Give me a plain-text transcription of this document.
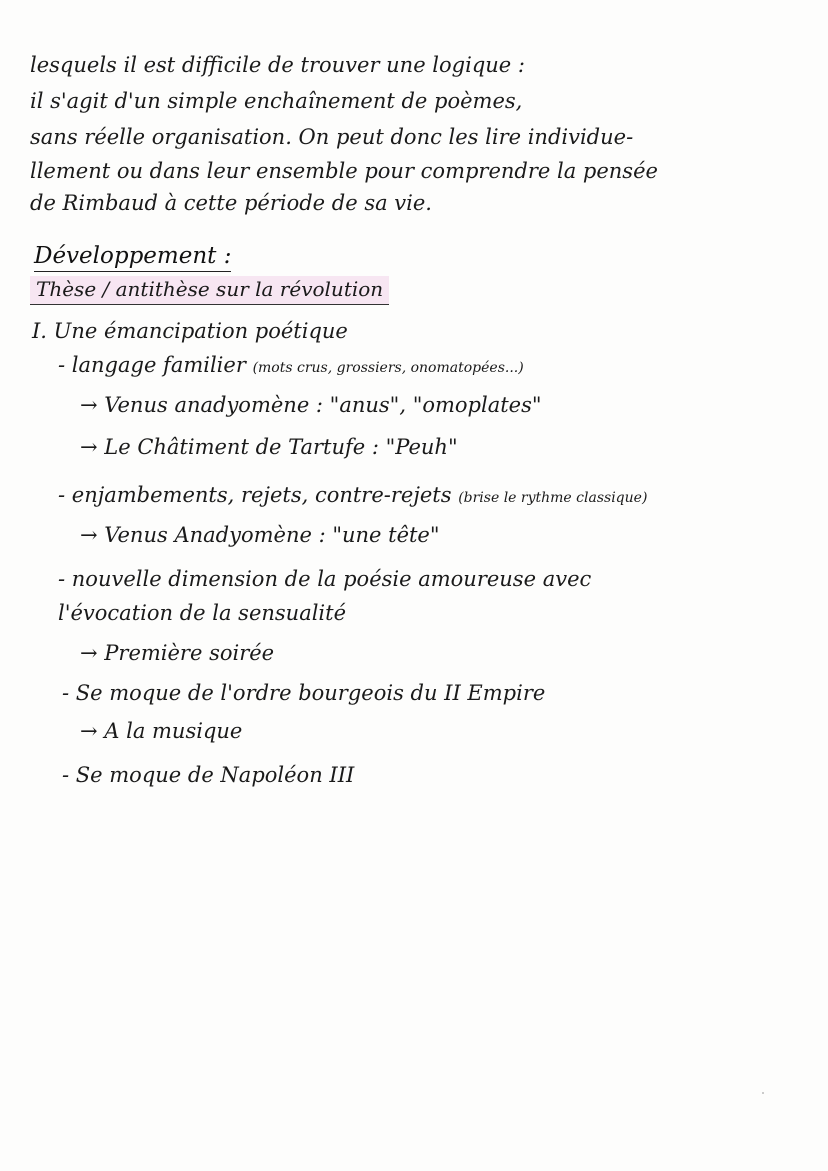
lesquels il est difficile de trouver une logique :
il s'agit d'un simple enchaînement de poèmes,
sans réelle organisation. On peut donc les lire individue-
llement ou dans leur ensemble pour comprendre la pensée
de Rimbaud à cette période de sa vie.
Développement :
Thèse / antithèse sur la révolution
I. Une émancipation poétique
- langage familier (mots crus, grossiers, onomatopées...)
→ Venus anadyomène : "anus", "omoplates"
→ Le Châtiment de Tartufe : "Peuh"
- enjambements, rejets, contre-rejets (brise le rythme classique)
→ Venus Anadyomène : "une tête"
- nouvelle dimension de la poésie amoureuse avec
l'évocation de la sensualité
→ Première soirée
- Se moque de l'ordre bourgeois du II Empire
→ A la musique
- Se moque de Napoléon III
